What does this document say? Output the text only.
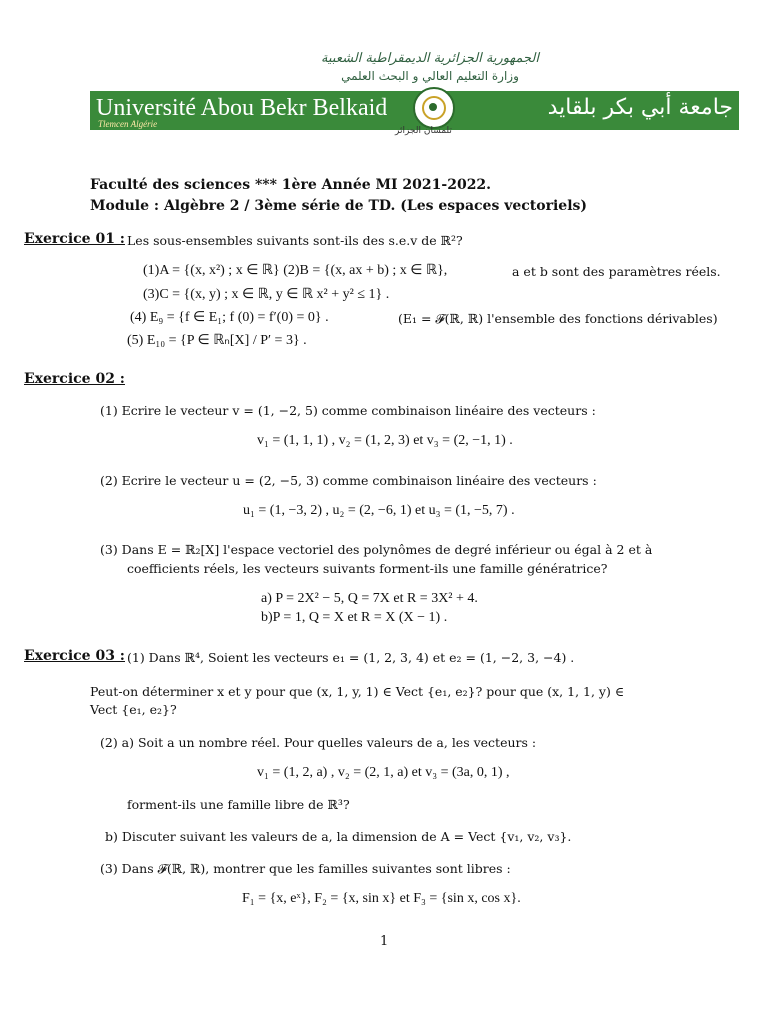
الجمهورية الجزائرية الديمقراطية الشعبية
وزارة التعليم العالي و البحث العلمي
Université Abou Bekr Belkaid
Tlemcen Algérie
تلمسان الجزائر
جامعة أبي بكر بلقايد
Faculté des sciences *** 1ère Année MI 2021-2022.
Module : Algèbre 2 / 3ème série de TD. (Les espaces vectoriels)
Exercice 01 : Les sous-ensembles suivants sont-ils des s.e.v de ℝ²?
(1)A = {(x, x²) ; x ∈ ℝ} (2)B = {(x, ax + b) ; x ∈ ℝ},	a et b sont des paramètres réels.
(3)C = {(x, y) ; x ∈ ℝ, y ∈ ℝ x² + y² ≤ 1} .
(4) E₉ = {f ∈ E₁; f (0) = f′(0) = 0} .	(E₁ = 𝓕(ℝ, ℝ) l'ensemble des fonctions dérivables)
(5) E₁₀ = {P ∈ ℝₙ[X] / P′ = 3} .
Exercice 02 :
(1) Ecrire le vecteur v = (1, −2, 5) comme combinaison linéaire des vecteurs :
v₁ = (1, 1, 1) , v₂ = (1, 2, 3) et v₃ = (2, −1, 1) .
(2) Ecrire le vecteur u = (2, −5, 3) comme combinaison linéaire des vecteurs :
u₁ = (1, −3, 2) , u₂ = (2, −6, 1) et u₃ = (1, −5, 7) .
(3) Dans E = ℝ₂[X] l'espace vectoriel des polynômes de degré inférieur ou égal à 2 et à
coefficients réels, les vecteurs suivants forment-ils une famille génératrice?
a) P = 2X² − 5, Q = 7X et R = 3X² + 4.
b)P = 1, Q = X et R = X (X − 1) .
Exercice 03 : (1) Dans ℝ⁴, Soient les vecteurs e₁ = (1, 2, 3, 4) et e₂ = (1, −2, 3, −4) .
Peut-on déterminer x et y pour que (x, 1, y, 1) ∈ Vect {e₁, e₂}? pour que (x, 1, 1, y) ∈
Vect {e₁, e₂}?
(2) a) Soit a un nombre réel. Pour quelles valeurs de a, les vecteurs :
v₁ = (1, 2, a) , v₂ = (2, 1, a) et v₃ = (3a, 0, 1) ,
forment-ils une famille libre de ℝ³?
b) Discuter suivant les valeurs de a, la dimension de A = Vect {v₁, v₂, v₃}.
(3) Dans 𝓕(ℝ, ℝ), montrer que les familles suivantes sont libres :
F₁ = {x, eˣ}, F₂ = {x, sin x} et F₃ = {sin x, cos x}.
1
